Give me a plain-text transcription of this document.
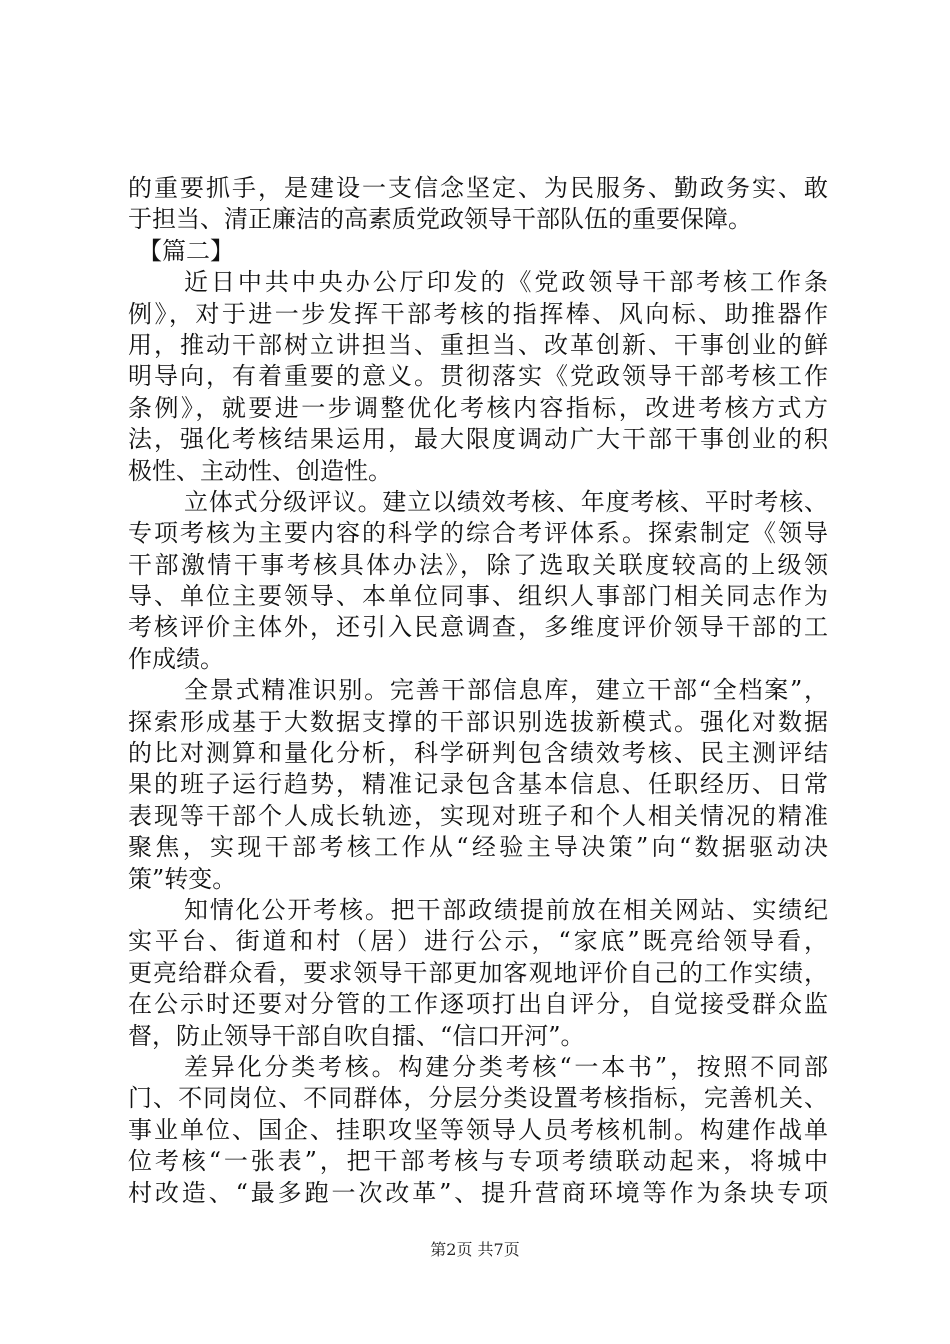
的重要抓手，是建设一支信念坚定、为民服务、勤政务实、敢
于担当、清正廉洁的高素质党政领导干部队伍的重要保障。
【篇二】
近日中共中央办公厅印发的《党政领导干部考核工作条
例》，对于进一步发挥干部考核的指挥棒、风向标、助推器作
用，推动干部树立讲担当、重担当、改革创新、干事创业的鲜
明导向，有着重要的意义。贯彻落实《党政领导干部考核工作
条例》，就要进一步调整优化考核内容指标，改进考核方式方
法，强化考核结果运用，最大限度调动广大干部干事创业的积
极性、主动性、创造性。
立体式分级评议。建立以绩效考核、年度考核、平时考核、
专项考核为主要内容的科学的综合考评体系。探索制定《领导
干部激情干事考核具体办法》，除了选取关联度较高的上级领
导、单位主要领导、本单位同事、组织人事部门相关同志作为
考核评价主体外，还引入民意调查，多维度评价领导干部的工
作成绩。
全景式精准识别。完善干部信息库，建立干部“全档案”，
探索形成基于大数据支撑的干部识别选拔新模式。强化对数据
的比对测算和量化分析，科学研判包含绩效考核、民主测评结
果的班子运行趋势，精准记录包含基本信息、任职经历、日常
表现等干部个人成长轨迹，实现对班子和个人相关情况的精准
聚焦，实现干部考核工作从“经验主导决策”向“数据驱动决
策”转变。
知情化公开考核。把干部政绩提前放在相关网站、实绩纪
实平台、街道和村（居）进行公示，“家底”既亮给领导看，
更亮给群众看，要求领导干部更加客观地评价自己的工作实绩，
在公示时还要对分管的工作逐项打出自评分，自觉接受群众监
督，防止领导干部自吹自擂、“信口开河”。
差异化分类考核。构建分类考核“一本书”，按照不同部
门、不同岗位、不同群体，分层分类设置考核指标，完善机关、
事业单位、国企、挂职攻坚等领导人员考核机制。构建作战单
位考核“一张表”，把干部考核与专项考绩联动起来，将城中
村改造、“最多跑一次改革”、提升营商环境等作为条块专项
第2页 共7页
